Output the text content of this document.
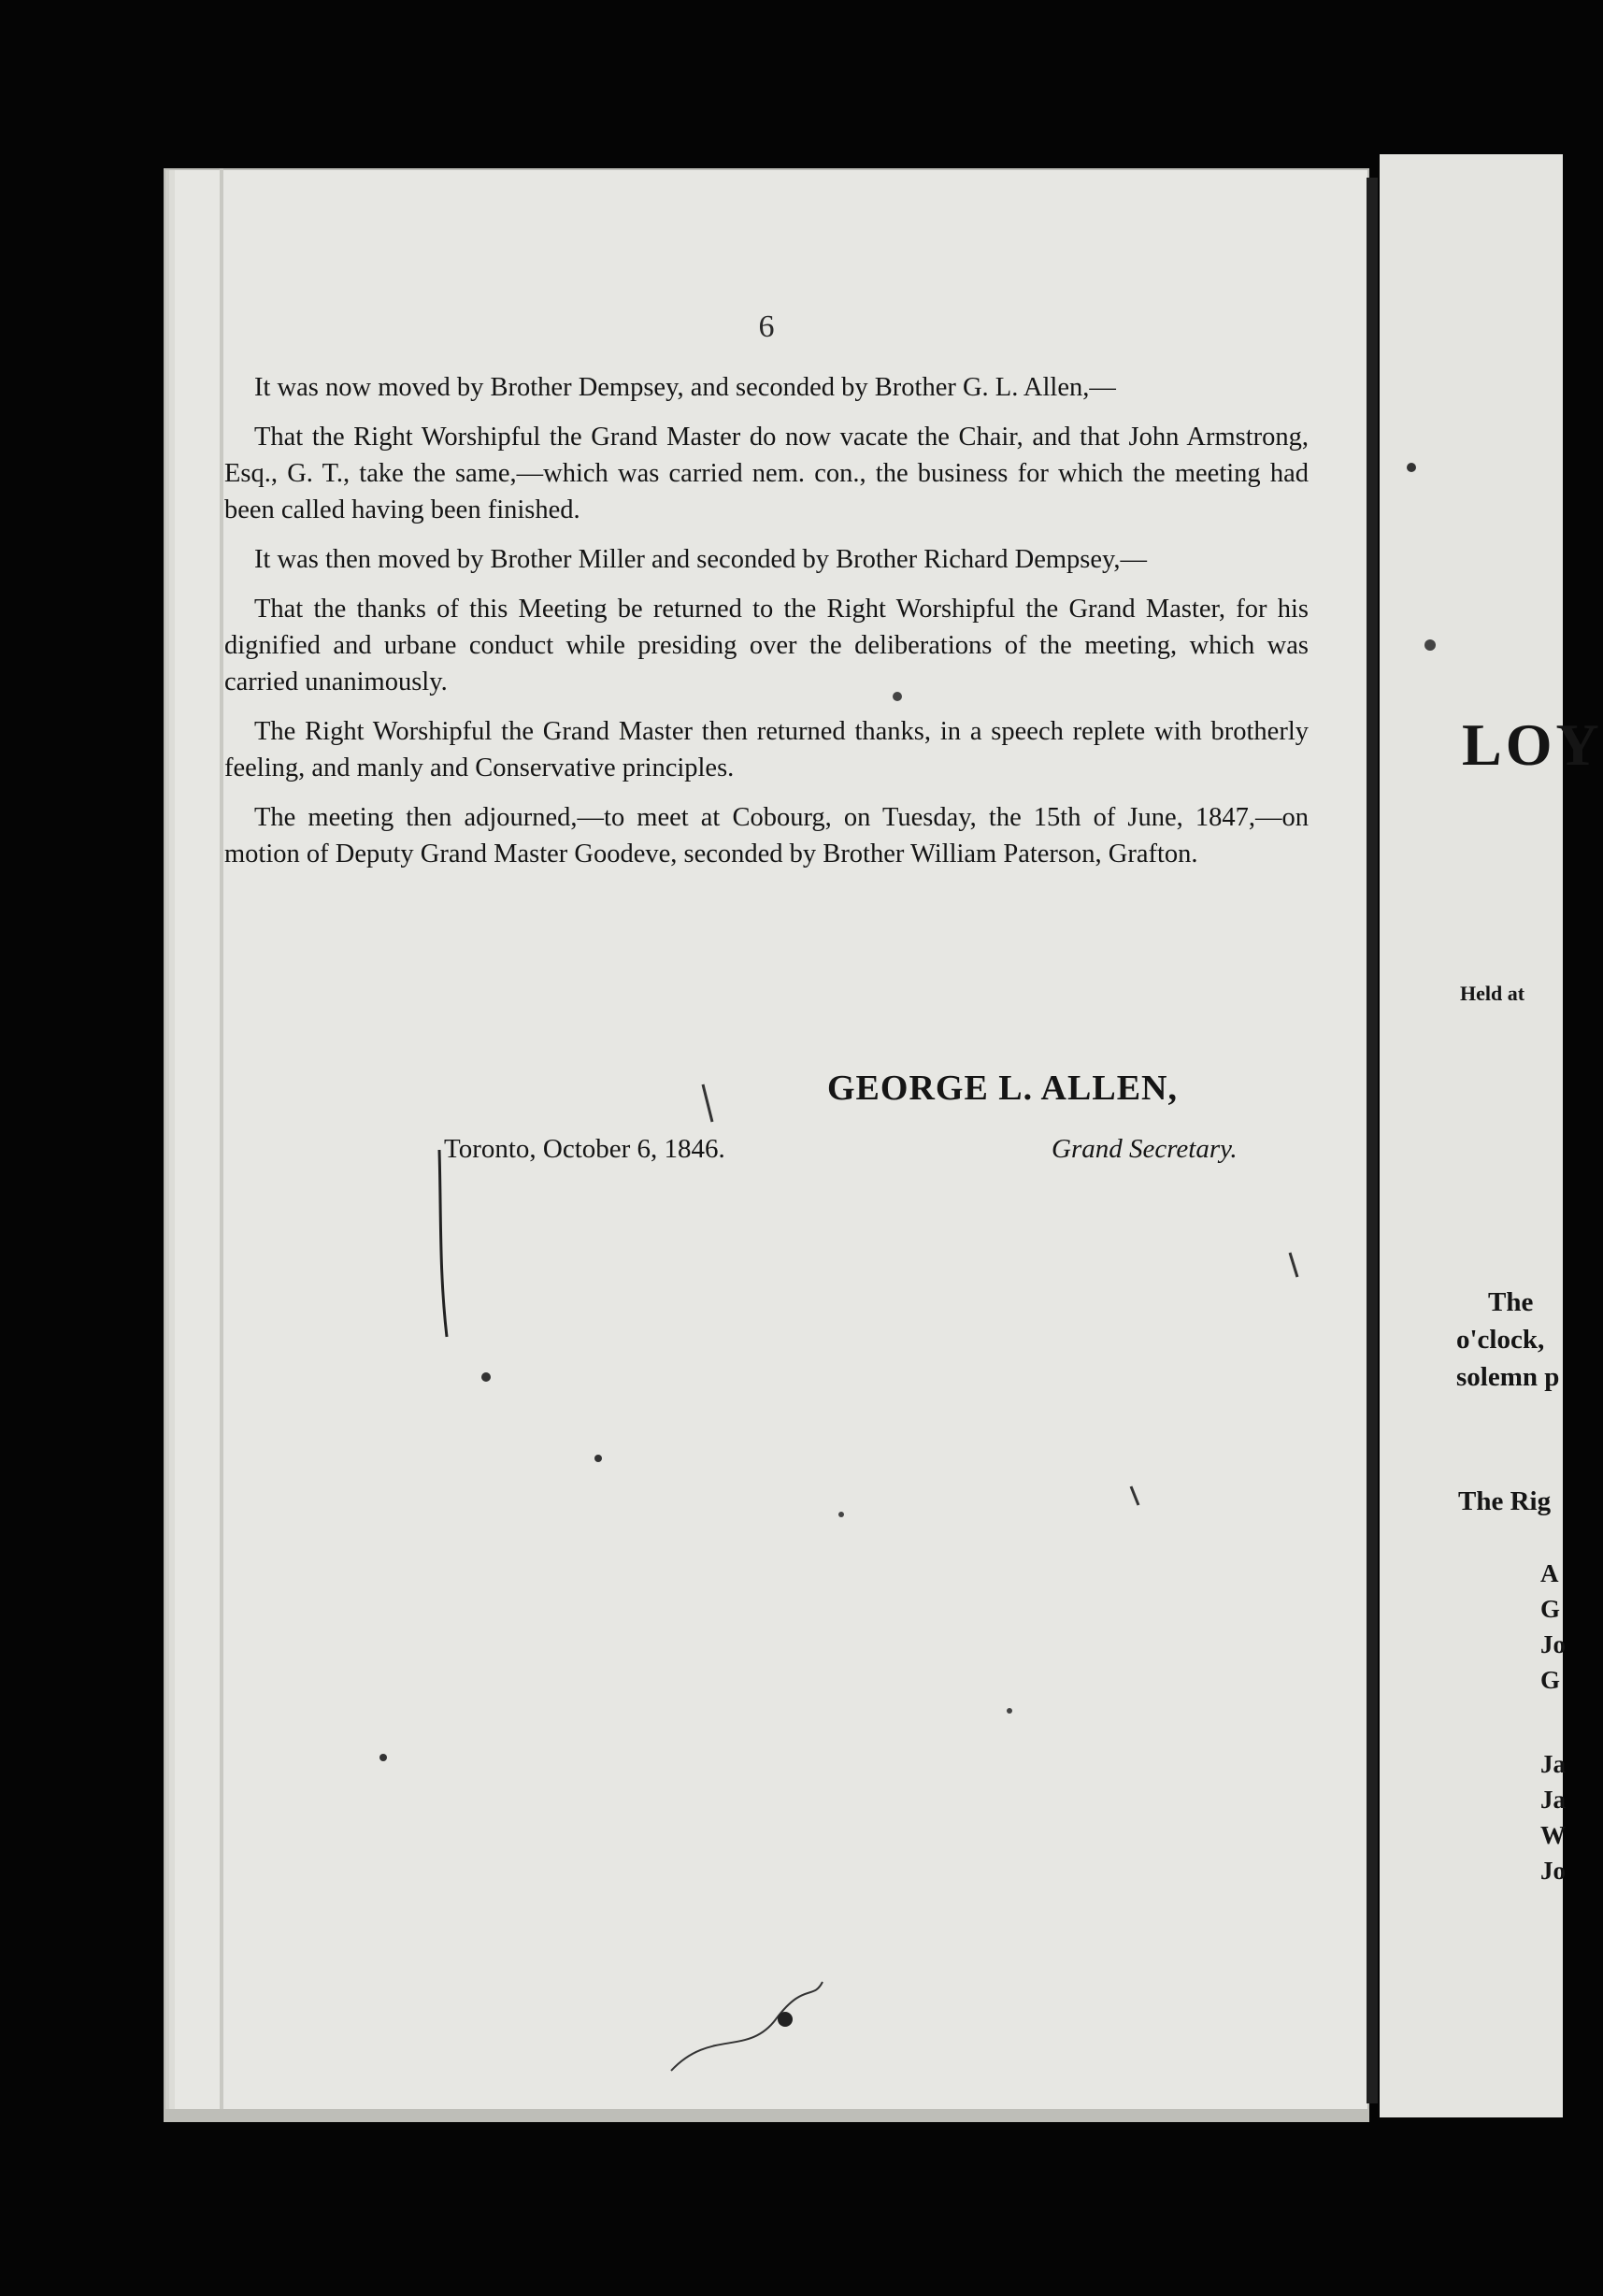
6

It was now moved by Brother Dempsey, and seconded by Brother G. L. Allen,—

That the Right Worshipful the Grand Master do now vacate the Chair, and that John Armstrong, Esq., G. T., take the same,—which was carried nem. con., the business for which the meeting had been called having been finished.

It was then moved by Brother Miller and seconded by Brother Richard Dempsey,—

That the thanks of this Meeting be returned to the Right Worshipful the Grand Master, for his dignified and urbane conduct while presiding over the deliberations of the meeting, which was carried unanimously.

The Right Worshipful the Grand Master then returned thanks, in a speech replete with brotherly feeling, and manly and Conservative principles.

The meeting then adjourned,—to meet at Cobourg, on Tuesday, the 15th of June, 1847,—on motion of Deputy Grand Master Goodeve, seconded by Brother William Paterson, Grafton.

GEORGE L. ALLEN,
Toronto, October 6, 1846.	Grand Secretary.
LOY
Held at
The
o'clock,
solemn p
The Rig
A
G
Jo
G
Ja
Ja
W
Jo
